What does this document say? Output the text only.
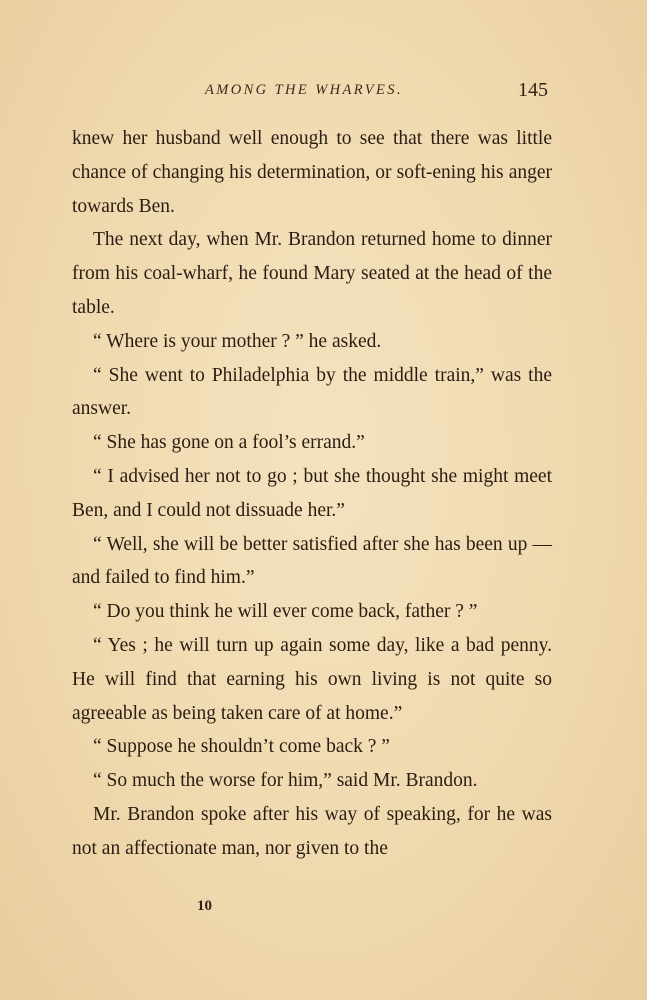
AMONG THE WHARVES.	145

knew her husband well enough to see that there was little chance of changing his determination, or soft-ening his anger towards Ben.

The next day, when Mr. Brandon returned home to dinner from his coal-wharf, he found Mary seated at the head of the table.

“ Where is your mother ? ” he asked.

“ She went to Philadelphia by the middle train,” was the answer.

“ She has gone on a fool’s errand.”

“ I advised her not to go ; but she thought she might meet Ben, and I could not dissuade her.”

“ Well, she will be better satisfied after she has been up — and failed to find him.”

“ Do you think he will ever come back, father ? ”

“ Yes ; he will turn up again some day, like a bad penny. He will find that earning his own living is not quite so agreeable as being taken care of at home.”

“ Suppose he shouldn’t come back ? ”

“ So much the worse for him,” said Mr. Brandon.

Mr. Brandon spoke after his way of speaking, for he was not an affectionate man, nor given to the

10
